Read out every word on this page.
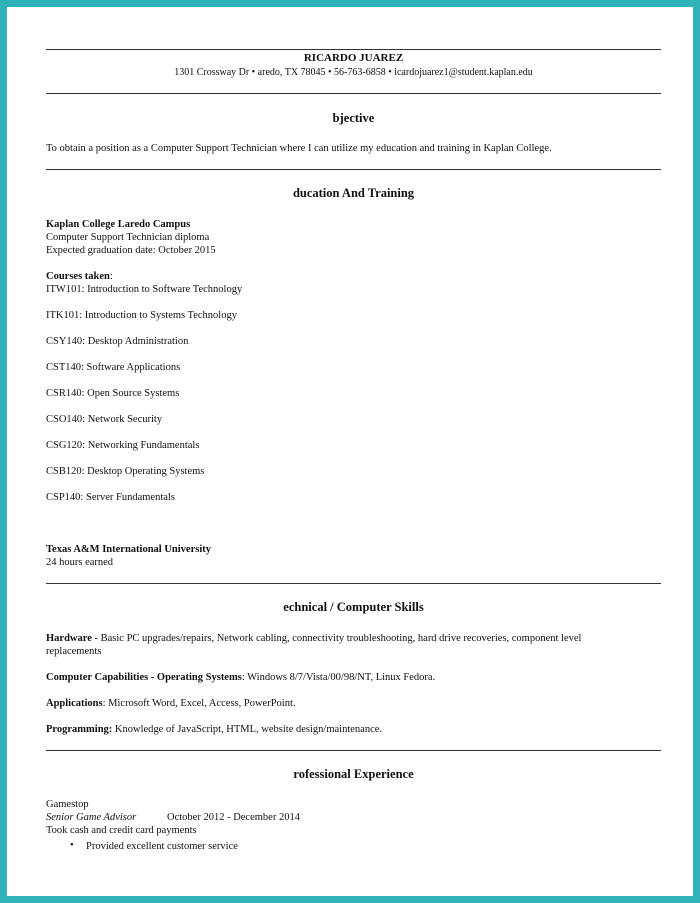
RICARDO JUAREZ
1301 Crossway Dr • aredo, TX 78045 • 56-763-6858 • icardojuarez1@student.kaplan.edu
bjective
To obtain a position as a Computer Support Technician where I can utilize my education and training in Kaplan College.
ducation And Training
Kaplan College Laredo Campus
Computer Support Technician diploma
Expected graduation date: October 2015
Courses taken:
ITW101: Introduction to Software Technology
ITK101: Introduction to Systems Technology
CSY140: Desktop Administration
CST140: Software Applications
CSR140: Open Source Systems
CSO140: Network Security
CSG120: Networking Fundamentals
CSB120: Desktop Operating Systems
CSP140: Server Fundamentals
Texas A&M International University
24 hours earned
echnical / Computer Skills
Hardware - Basic PC upgrades/repairs, Network cabling, connectivity troubleshooting, hard drive recoveries, component level
replacements
Computer Capabilities - Operating Systems: Windows 8/7/Vista/00/98/NT, Linux Fedora.
Applications: Microsoft Word, Excel, Access, PowerPoint.
Programming: Knowledge of JavaScript, HTML, website design/maintenance.
rofessional Experience
Gamestop
Senior Game Advisor	October 2012 - December 2014
Took cash and credit card payments
• Provided excellent customer service
